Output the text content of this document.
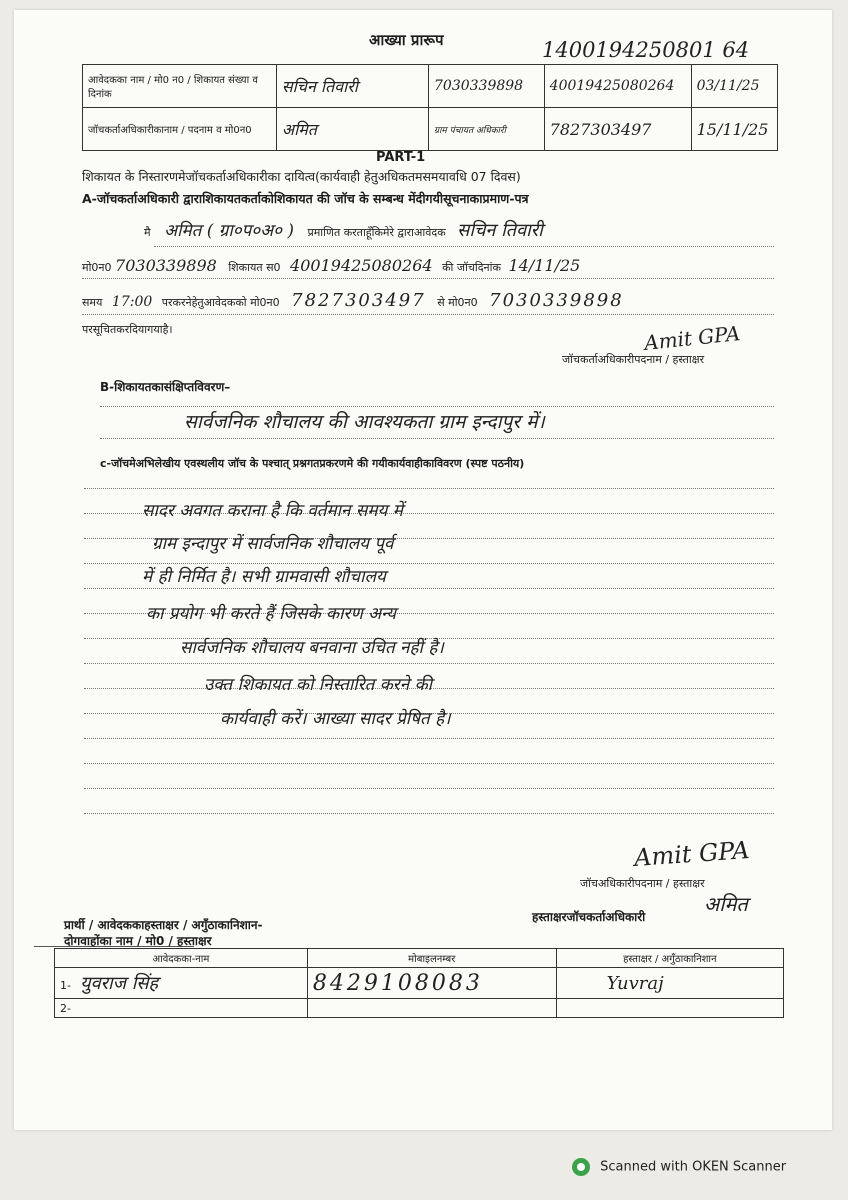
आख्या प्रारूप	1400194250801 64
आवेदकका नाम / मो0 न0 / शिकायत संख्या व दिनांक	सचिन तिवारी	7030339898	40019425080264	03/11/25
जॉचकर्ताअधिकारीकानाम / पदनाम व मो0न0	अमित	ग्राम पंचायत अधिकारी	7827303497	15/11/25
PART-1
शिकायत के निस्तारणमेजॉचकर्ताअधिकारीका दायित्व(कार्यवाही हेतुअधिकतमसमयावधि 07 दिवस)
A-जॉचकर्ताअधिकारी द्वाराशिकायतकर्ताकोशिकायत की जॉच के सम्बन्ध मेंदीगयीसूचनाकाप्रमाण-पत्र
मै अमित ( ग्रा०प०अ० ) प्रमाणित करताहूँकिमेरे द्वाराआवेदक सचिन तिवारी
मो0न0 7030339898 शिकायत स0 40019425080264 की जॉचदिनांक 14/11/25
समय 17:00 परकरनेहेतुआवेदकको मो0न0 7827303497 से मो0न0 7030339898
परसूचितकरदियागयाहै।	Amit GPA
जॉचकर्ताअधिकारीपदनाम / हस्ताक्षर
B-शिकायतकासंक्षिप्तविवरण–
सार्वजनिक शौचालय की आवश्यकता ग्राम इन्दापुर में।
c-जॉचमेअभिलेखीय एवस्थलीय जॉच के पश्चात् प्रश्नगतप्रकरणमे की गयीकार्यवाहीकाविवरण (स्पष्ट पठनीय)
सादर अवगत कराना है कि वर्तमान समय में
ग्राम इन्दापुर में सार्वजनिक शौचालय पूर्व
में ही निर्मित है। सभी ग्रामवासी शौचालय
का प्रयोग भी करते हैं जिसके कारण अन्य
सार्वजनिक शौचालय बनवाना उचित नहीं है।
उक्त शिकायत को निस्तारित करने की
कार्यवाही करें। आख्या सादर प्रेषित है।
Amit GPA
जॉचअधिकारीपदनाम / हस्ताक्षर
अमित
प्रार्थी / आवेदककाहस्ताक्षर / अगुँठाकानिशान-
हस्ताक्षरजॉचकर्ताअधिकारी
दोगवाहोंका नाम / मो0 / हस्ताक्षर
आवेदकका-नाम	मोबाइलनम्बर	हस्ताक्षर / अगुँठाकानिशान
1- युवराज सिंह	8429108083	Yuvraj
2-		
Scanned with OKEN Scanner
